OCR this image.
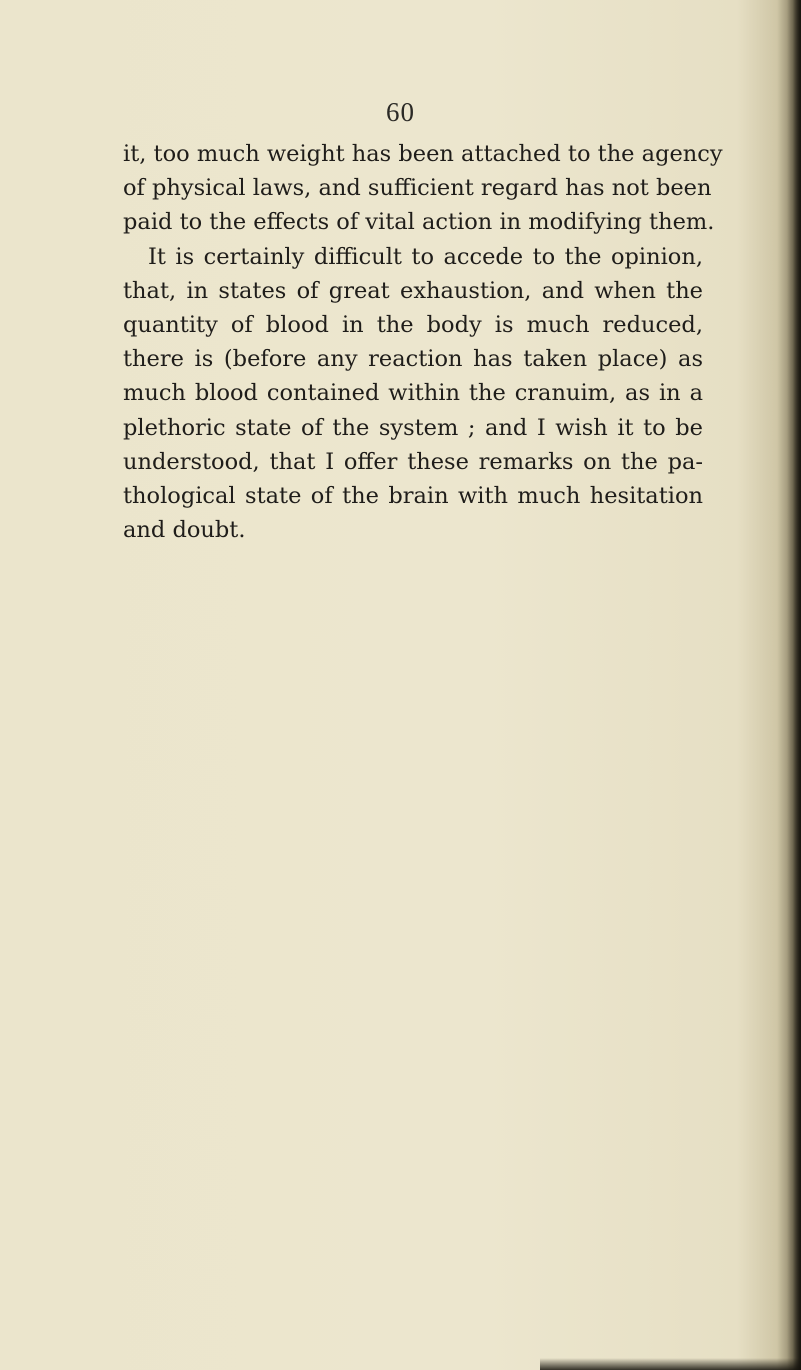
60

it, too much weight has been attached to the agency
of physical laws, and sufficient regard has not been
paid to the effects of vital action in modifying them.
It is certainly difficult to accede to the opinion,
that, in states of great exhaustion, and when the
quantity of blood in the body is much reduced,
there is (before any reaction has taken place) as
much blood contained within the cranuim, as in a
plethoric state of the system ; and I wish it to be
understood, that I offer these remarks on the pa-
thological state of the brain with much hesitation
and doubt.
